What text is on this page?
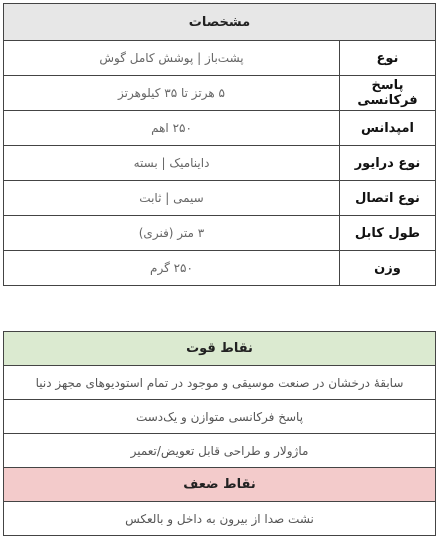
مشخصات	
نوع	پشت‌باز | پوشش کامل گوش
پاسخ فرکانسی	۵ هرتز تا ۳۵ کیلوهرتز
امپدانس	۲۵۰ اهم
نوع درایور	داینامیک | بسته
نوع اتصال	سیمی | ثابت
طول کابل	۳ متر (فنری)
وزن	۲۵۰ گرم
نقاط قوت
سابقهٔ درخشان در صنعت موسیقی و موجود در تمام استودیوهای مجهز دنیا
پاسخ فرکانسی متوازن و یک‌دست
ماژولار و طراحی قابل تعویض/تعمیر
نقاط ضعف
نشت صدا از بیرون به داخل و بالعکس
